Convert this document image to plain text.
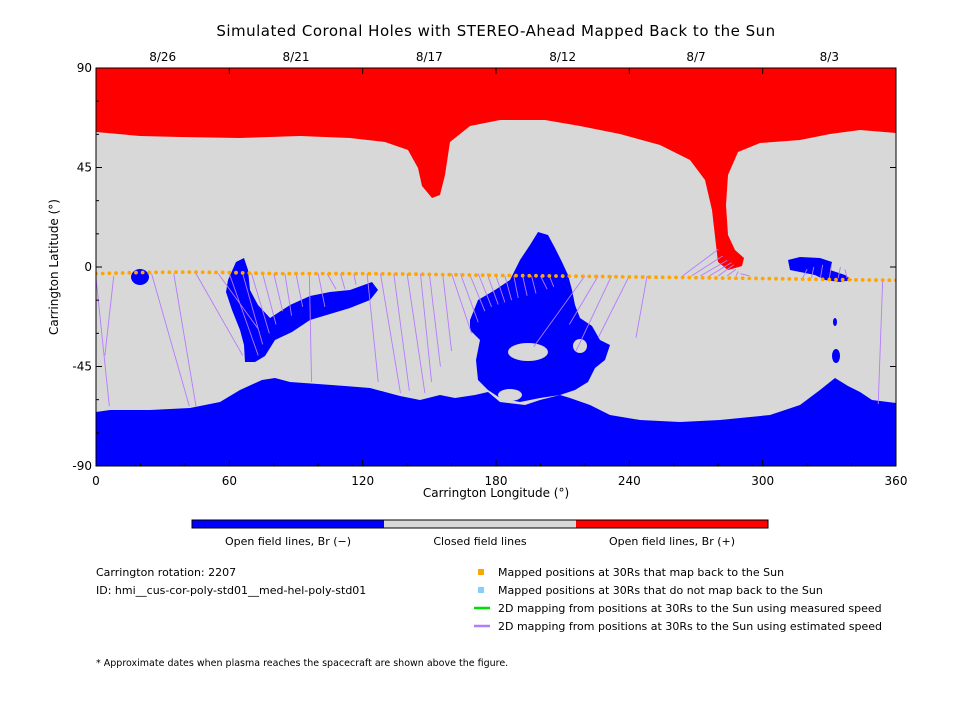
Simulated Coronal Holes with STEREO-Ahead Mapped Back to the Sun
0	60	120	180	240	300	360
90
45
0
-45
-90
8/26	8/21	8/17	8/12	8/7	8/3
Carrington Longitude (°)
Carrington Latitude (°)
Open field lines, Br (−)	Closed field lines	Open field lines, Br (+)
Carrington rotation: 2207
ID: hmi__cus-cor-poly-std01__med-hel-poly-std01
Mapped positions at 30Rs that map back to the Sun
Mapped positions at 30Rs that do not map back to the Sun
2D mapping from positions at 30Rs to the Sun using measured speed
2D mapping from positions at 30Rs to the Sun using estimated speed
* Approximate dates when plasma reaches the spacecraft are shown above the figure.
